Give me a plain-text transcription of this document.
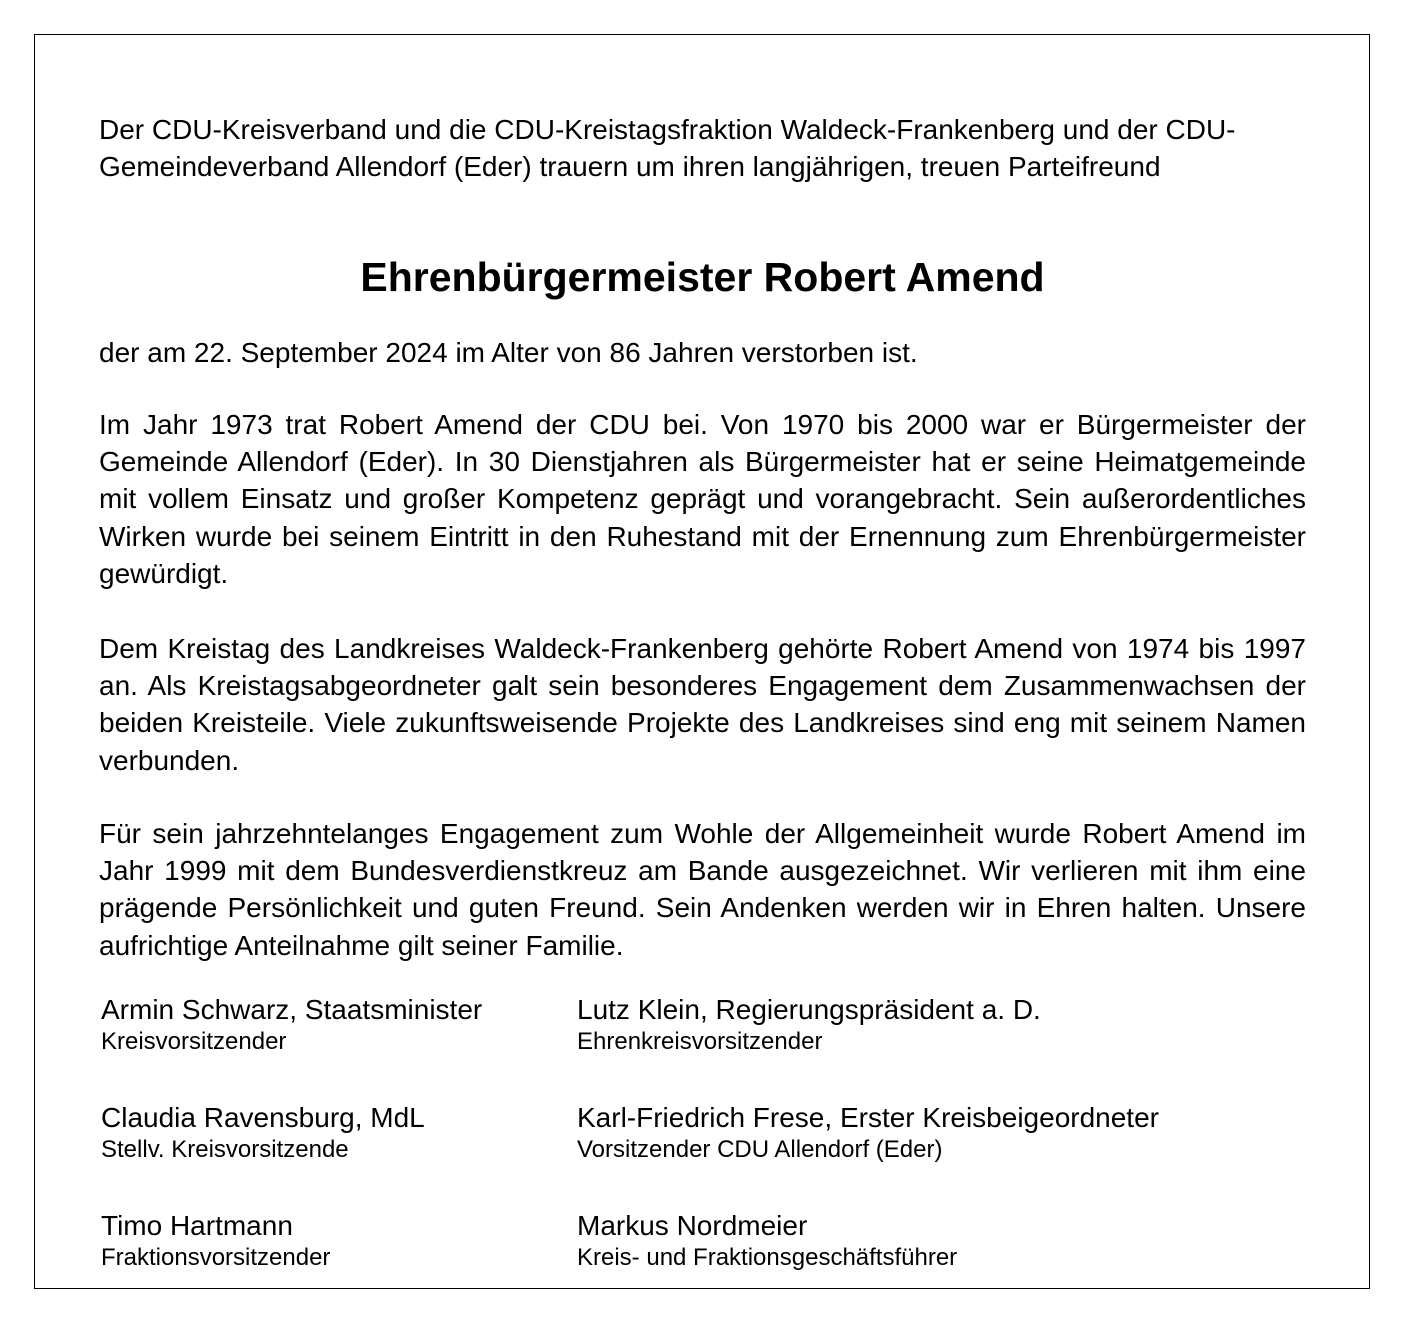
Der CDU-Kreisverband und die CDU-Kreistagsfraktion Waldeck-Frankenberg und der CDU-Gemeindeverband Allendorf (Eder) trauern um ihren langjährigen, treuen Parteifreund

Ehrenbürgermeister Robert Amend

der am 22. September 2024 im Alter von 86 Jahren verstorben ist.

Im Jahr 1973 trat Robert Amend der CDU bei. Von 1970 bis 2000 war er Bürgermeister der Gemeinde Allendorf (Eder). In 30 Dienstjahren als Bürgermeister hat er seine Heimatgemeinde mit vollem Einsatz und großer Kompetenz geprägt und vorangebracht. Sein außerordentliches Wirken wurde bei seinem Eintritt in den Ruhestand mit der Ernennung zum Ehrenbürgermeister gewürdigt.

Dem Kreistag des Landkreises Waldeck-Frankenberg gehörte Robert Amend von 1974 bis 1997 an. Als Kreistagsabgeordneter galt sein besonderes Engagement dem Zusammenwachsen der beiden Kreisteile. Viele zukunftsweisende Projekte des Landkreises sind eng mit seinem Namen verbunden.

Für sein jahrzehntelanges Engagement zum Wohle der Allgemeinheit wurde Robert Amend im Jahr 1999 mit dem Bundesverdienstkreuz am Bande ausgezeichnet. Wir verlieren mit ihm eine prägende Persönlichkeit und guten Freund. Sein Andenken werden wir in Ehren halten. Unsere aufrichtige Anteilnahme gilt seiner Familie.

Armin Schwarz, Staatsminister
Kreisvorsitzender
Lutz Klein, Regierungspräsident a. D.
Ehrenkreisvorsitzender
Claudia Ravensburg, MdL
Stellv. Kreisvorsitzende
Karl-Friedrich Frese, Erster Kreisbeigeordneter
Vorsitzender CDU Allendorf (Eder)
Timo Hartmann
Fraktionsvorsitzender
Markus Nordmeier
Kreis- und Fraktionsgeschäftsführer
